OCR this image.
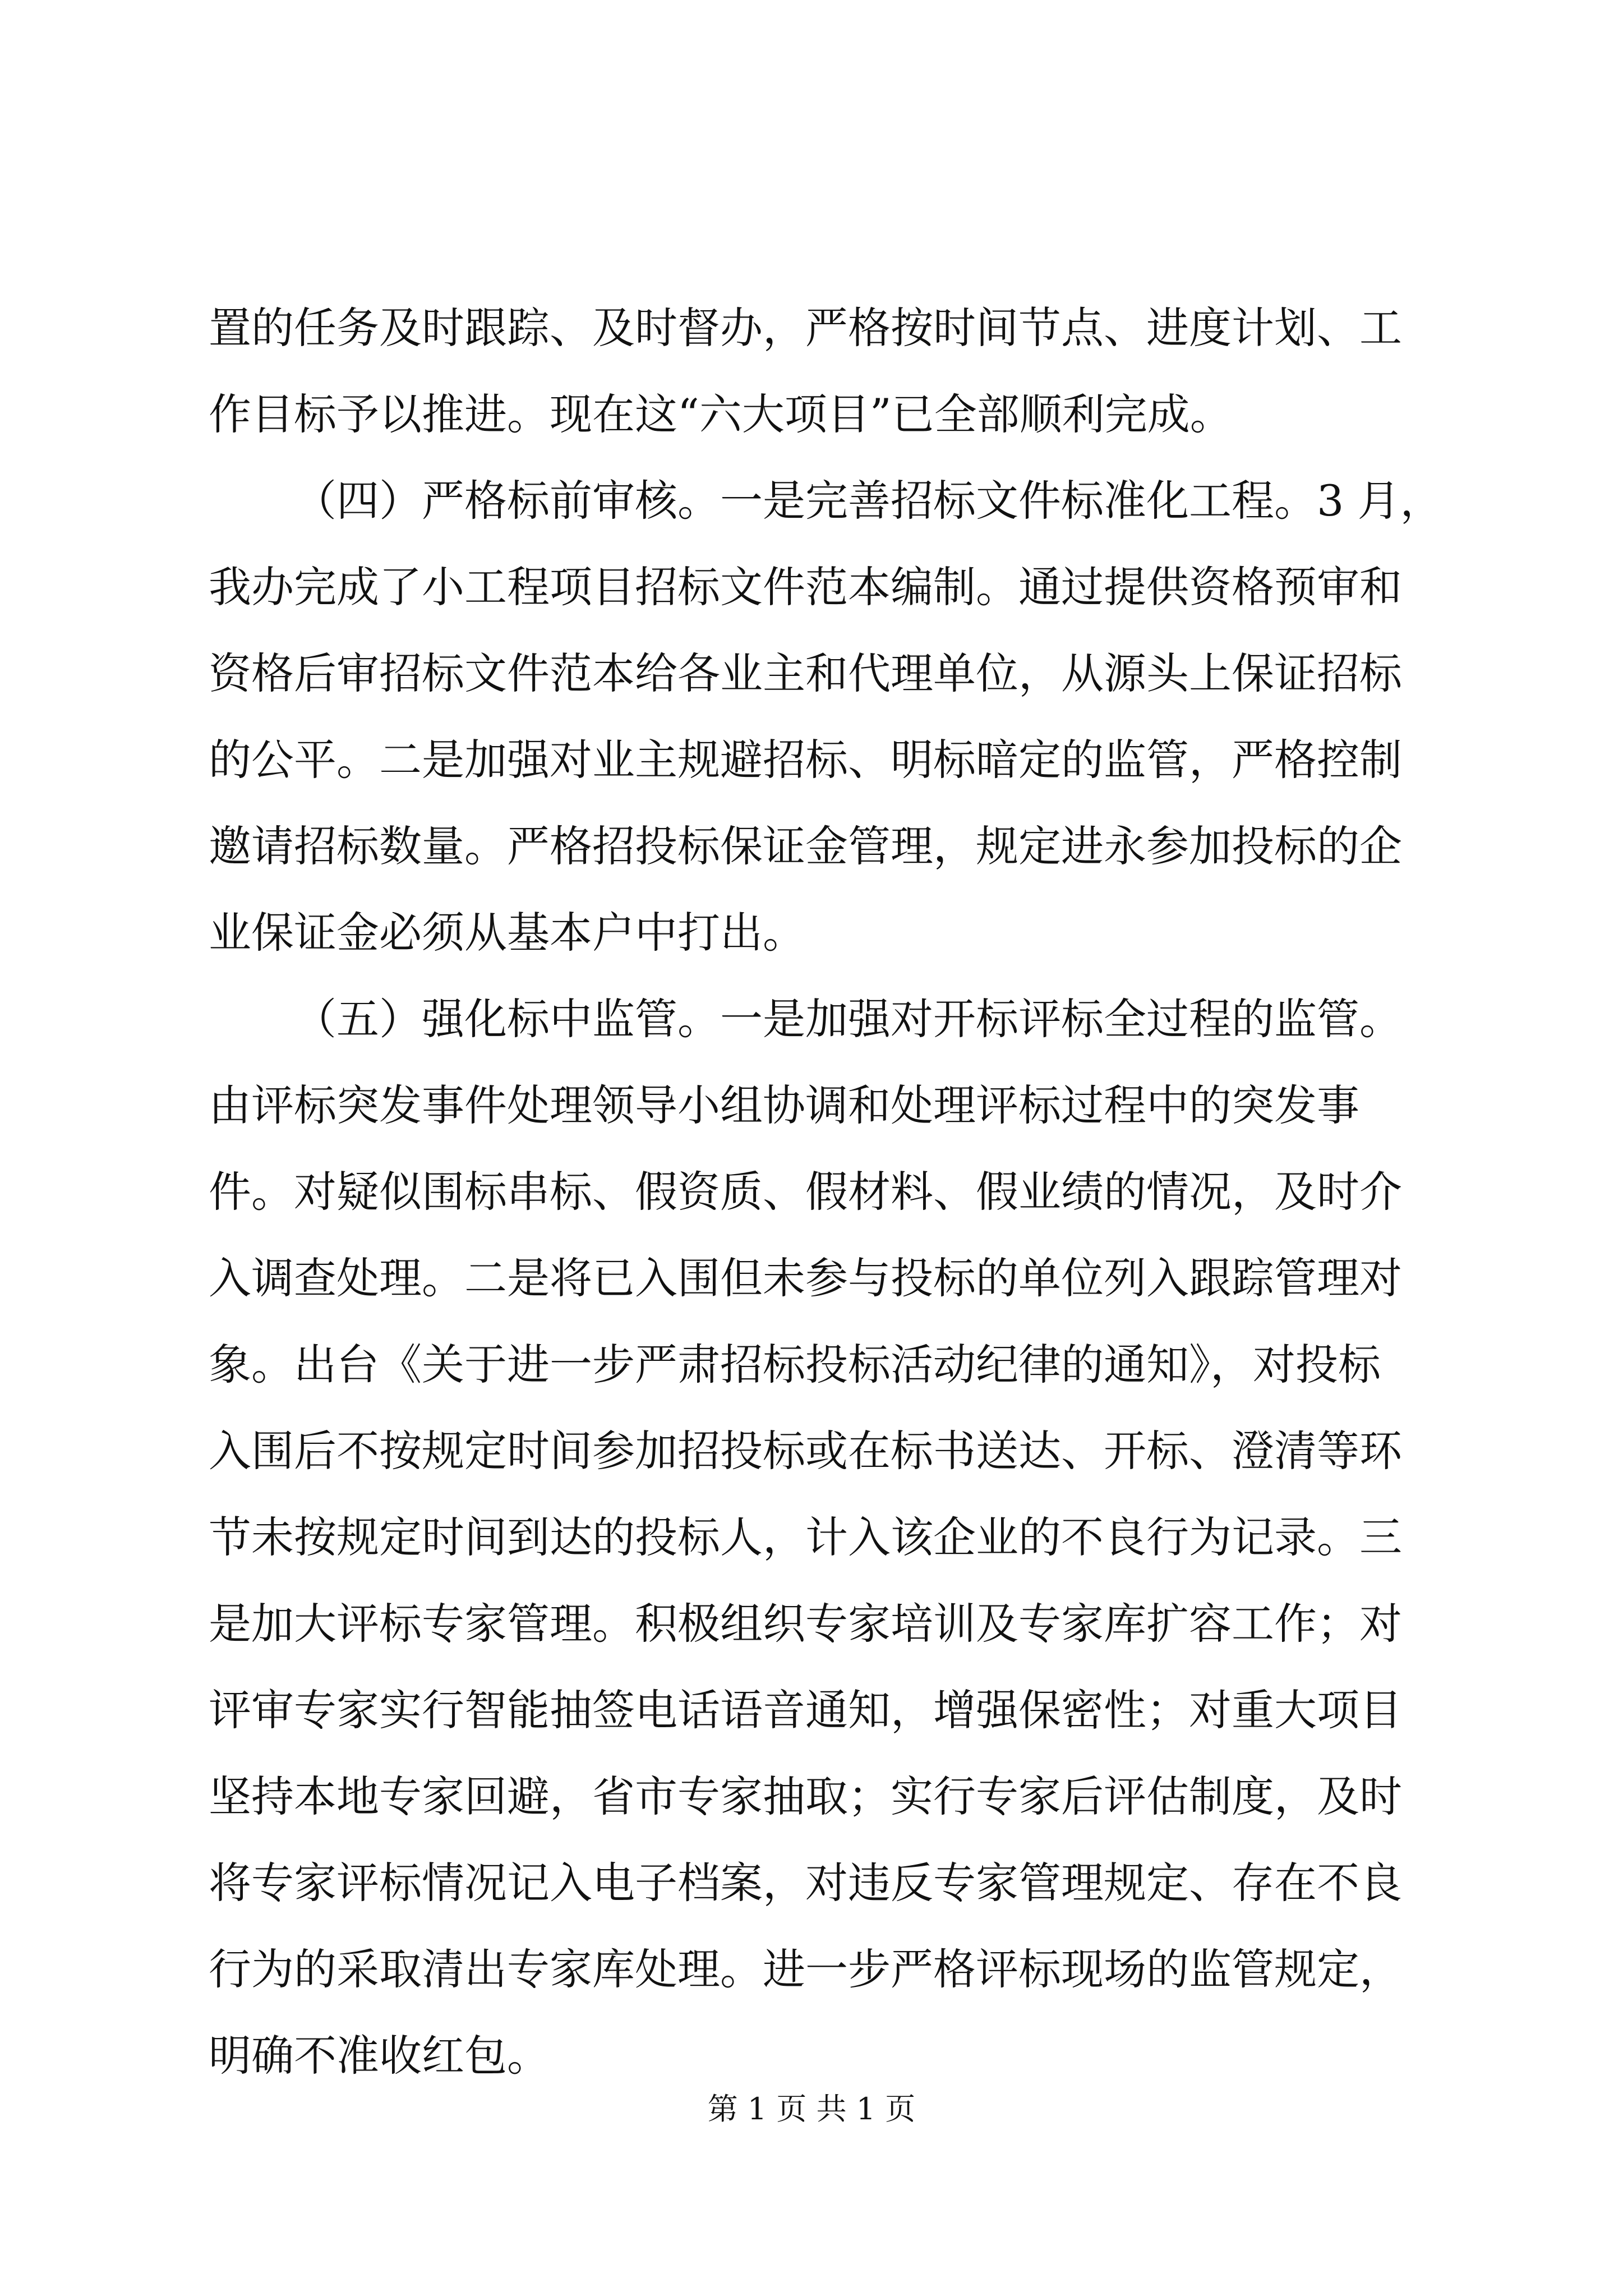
置的任务及时跟踪、及时督办，严格按时间节点、进度计划、工
作目标予以推进。现在这“六大项目”已全部顺利完成。
（四）严格标前审核。一是完善招标文件标准化工程。3 月，
我办完成了小工程项目招标文件范本编制。通过提供资格预审和
资格后审招标文件范本给各业主和代理单位，从源头上保证招标
的公平。二是加强对业主规避招标、明标暗定的监管，严格控制
邀请招标数量。严格招投标保证金管理，规定进永参加投标的企
业保证金必须从基本户中打出。
（五）强化标中监管。一是加强对开标评标全过程的监管。
由评标突发事件处理领导小组协调和处理评标过程中的突发事
件。对疑似围标串标、假资质、假材料、假业绩的情况，及时介
入调查处理。二是将已入围但未参与投标的单位列入跟踪管理对
象。出台《关于进一步严肃招标投标活动纪律的通知》，对投标
入围后不按规定时间参加招投标或在标书送达、开标、澄清等环
节未按规定时间到达的投标人，计入该企业的不良行为记录。三
是加大评标专家管理。积极组织专家培训及专家库扩容工作；对
评审专家实行智能抽签电话语音通知，增强保密性；对重大项目
坚持本地专家回避，省市专家抽取；实行专家后评估制度，及时
将专家评标情况记入电子档案，对违反专家管理规定、存在不良
行为的采取清出专家库处理。进一步严格评标现场的监管规定，
明确不准收红包。
第 1 页 共 1 页
